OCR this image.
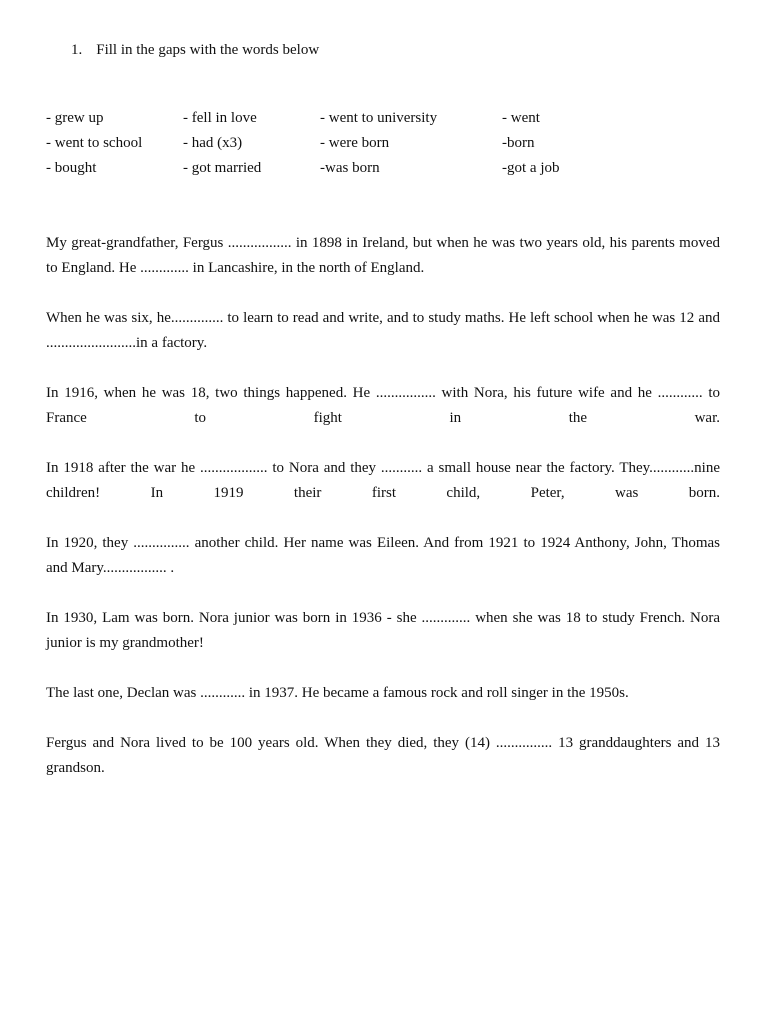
1. Fill in the gaps with the words below
- grew up	- fell in love	- went to university	- went
- went to school	- had (x3)	- were born	-born
- bought	- got married	-was born	-got a job

My great-grandfather, Fergus ................. in 1898 in Ireland, but when he was two years old, his parents moved to England. He ............. in Lancashire, in the north of England.

When he was six, he.............. to learn to read and write, and to study maths. He left school when he was 12 and ........................in a factory.

In 1916, when he was 18, two things happened. He ................ with Nora, his future wife and he ............ to France to fight in the war.

In 1918 after the war he .................. to Nora and they ........... a small house near the factory. They............nine children! In 1919 their first child, Peter, was born.

In 1920, they ............... another child. Her name was Eileen. And from 1921 to 1924 Anthony, John, Thomas and Mary................. .

In 1930, Lam was born. Nora junior was born in 1936 - she ............. when she was 18 to study French. Nora junior is my grandmother!

The last one, Declan was ............ in 1937. He became a famous rock and roll singer in the 1950s.

Fergus and Nora lived to be 100 years old. When they died, they (14) ............... 13 granddaughters and 13 grandson.
